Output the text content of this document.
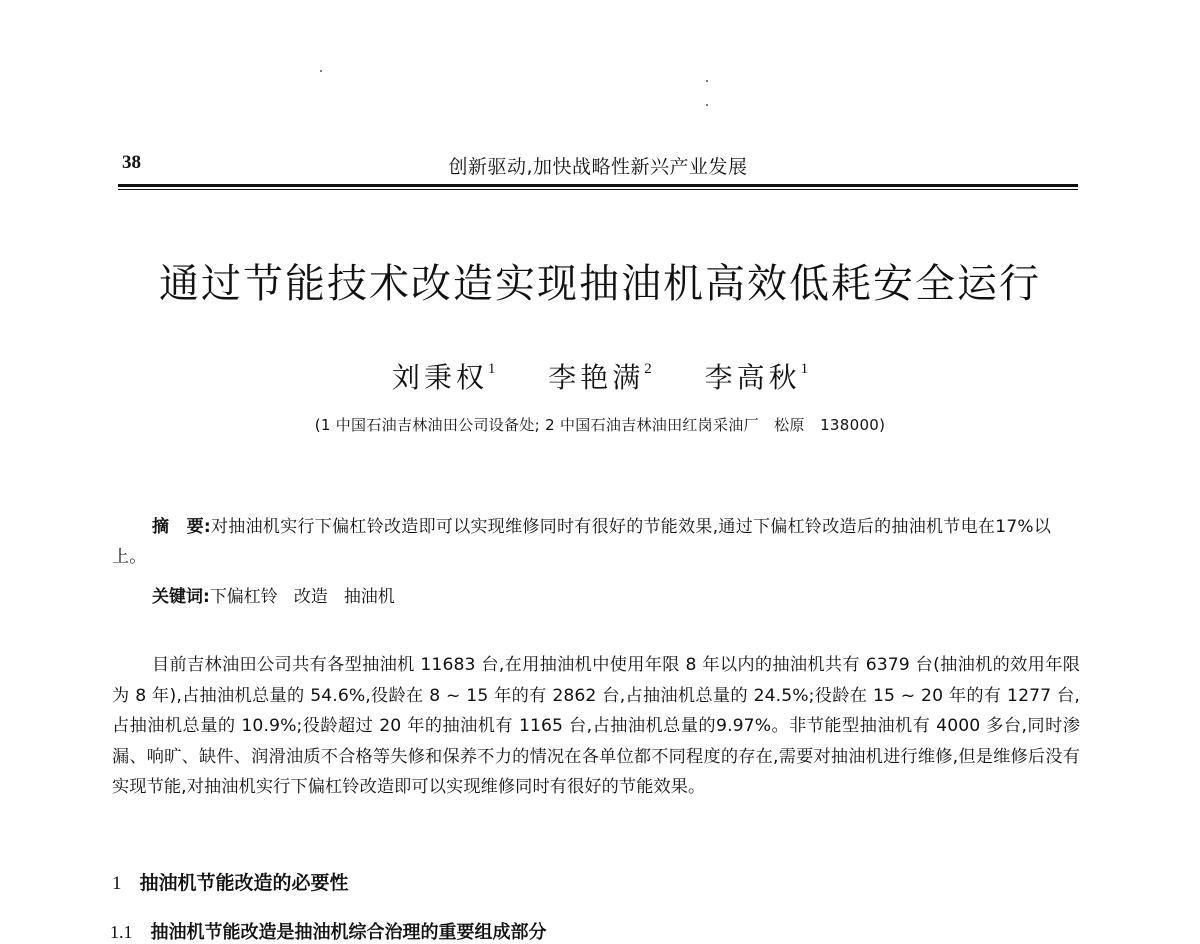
38	创新驱动,加快战略性新兴产业发展
通过节能技术改造实现抽油机高效低耗安全运行
刘秉权$^1$ 李艳满$^2$ 李高秋$^1$
(1 中国石油吉林油田公司设备处; 2 中国石油吉林油田红岗采油厂　松原　138000)
摘　要:对抽油机实行下偏杠铃改造即可以实现维修同时有很好的节能效果,通过下偏杠铃改造后的抽油机节电在17%以上。
关键词:下偏杠铃 改造 抽油机
目前吉林油田公司共有各型抽油机 11683 台,在用抽油机中使用年限 8 年以内的抽油机共有 6379 台(抽油机的效用年限为 8 年),占抽油机总量的 54.6%,役龄在 8 ~ 15 年的有 2862 台,占抽油机总量的 24.5%;役龄在 15 ~ 20 年的有 1277 台,占抽油机总量的 10.9%;役龄超过 20 年的抽油机有 1165 台,占抽油机总量的9.97%。非节能型抽油机有 4000 多台,同时渗漏、响旷、缺件、润滑油质不合格等失修和保养不力的情况在各单位都不同程度的存在,需要对抽油机进行维修,但是维修后没有实现节能,对抽油机实行下偏杠铃改造即可以实现维修同时有很好的节能效果。
1 抽油机节能改造的必要性
1.1 抽油机节能改造是抽油机综合治理的重要组成部分
